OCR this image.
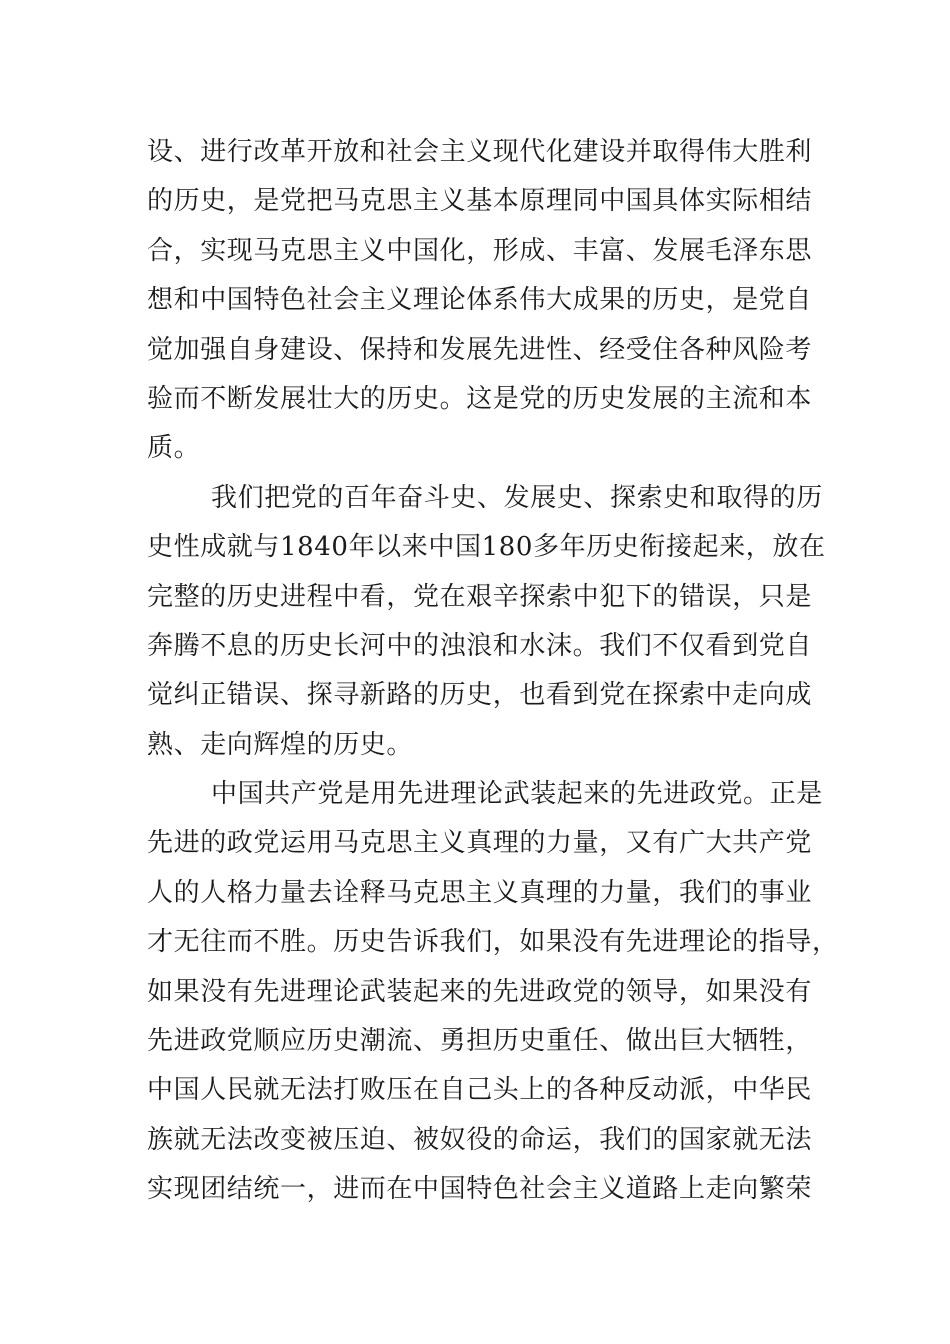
设、进行改革开放和社会主义现代化建设并取得伟大胜利
的历史，是党把马克思主义基本原理同中国具体实际相结
合，实现马克思主义中国化，形成、丰富、发展毛泽东思
想和中国特色社会主义理论体系伟大成果的历史，是党自
觉加强自身建设、保持和发展先进性、经受住各种风险考
验而不断发展壮大的历史。这是党的历史发展的主流和本
质。
我们把党的百年奋斗史、发展史、探索史和取得的历
史性成就与1840年以来中国180多年历史衔接起来，放在
完整的历史进程中看，党在艰辛探索中犯下的错误，只是
奔腾不息的历史长河中的浊浪和水沫。我们不仅看到党自
觉纠正错误、探寻新路的历史，也看到党在探索中走向成
熟、走向辉煌的历史。
中国共产党是用先进理论武装起来的先进政党。正是
先进的政党运用马克思主义真理的力量，又有广大共产党
人的人格力量去诠释马克思主义真理的力量，我们的事业
才无往而不胜。历史告诉我们，如果没有先进理论的指导，
如果没有先进理论武装起来的先进政党的领导，如果没有
先进政党顺应历史潮流、勇担历史重任、做出巨大牺牲，
中国人民就无法打败压在自己头上的各种反动派，中华民
族就无法改变被压迫、被奴役的命运，我们的国家就无法
实现团结统一，进而在中国特色社会主义道路上走向繁荣
